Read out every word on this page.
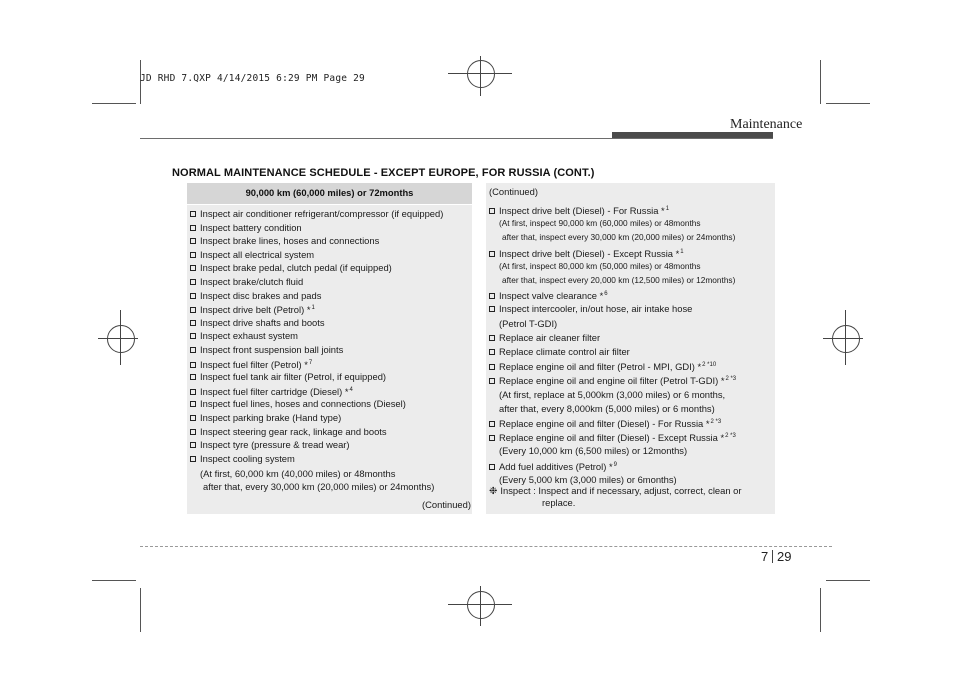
JD RHD 7.QXP 4/14/2015 6:29 PM Page 29
Maintenance
NORMAL MAINTENANCE SCHEDULE - EXCEPT EUROPE, FOR RUSSIA (CONT.)
90,000 km (60,000 miles) or 72months
Inspect air conditioner refrigerant/compressor (if equipped)
Inspect battery condition
Inspect brake lines, hoses and connections
Inspect all electrical system
Inspect brake pedal, clutch pedal (if equipped)
Inspect brake/clutch fluid
Inspect disc brakes and pads
Inspect drive belt (Petrol) *$^1$
Inspect drive shafts and boots
Inspect exhaust system
Inspect front suspension ball joints
Inspect fuel filter (Petrol) *$^7$
Inspect fuel tank air filter (Petrol, if equipped)
Inspect fuel filter cartridge (Diesel) *$^4$
Inspect fuel lines, hoses and connections (Diesel)
Inspect parking brake (Hand type)
Inspect steering gear rack, linkage and boots
Inspect tyre (pressure & tread wear)
Inspect cooling system
(At first, 60,000 km (40,000 miles) or 48months
after that, every 30,000 km (20,000 miles) or 24months)
(Continued)
(Continued)
Inspect drive belt (Diesel) - For Russia *$^1$
(At first, inspect 90,000 km (60,000 miles) or 48months
after that, inspect every 30,000 km (20,000 miles) or 24months)
Inspect drive belt (Diesel) - Except Russia *$^1$
(At first, inspect 80,000 km (50,000 miles) or 48months
after that, inspect every 20,000 km (12,500 miles) or 12months)
Inspect valve clearance *$^6$
Inspect intercooler, in/out hose, air intake hose
(Petrol T-GDI)
Replace air cleaner filter
Replace climate control air filter
Replace engine oil and filter (Petrol - MPI, GDI) *$^{2 *10}$
Replace engine oil and engine oil filter (Petrol T-GDI) *$^{2 *3}$
(At first, replace at 5,000km (3,000 miles) or 6 months,
after that, every 8,000km (5,000 miles) or 6 months)
Replace engine oil and filter (Diesel) - For Russia *$^{2 *3}$
Replace engine oil and filter (Diesel) - Except Russia *$^{2 *3}$
(Every 10,000 km (6,500 miles) or 12months)
Add fuel additives (Petrol) *$^9$
(Every 5,000 km (3,000 miles) or 6months)
❉ Inspect : Inspect and if necessary, adjust, correct, clean or
replace.
7 29
